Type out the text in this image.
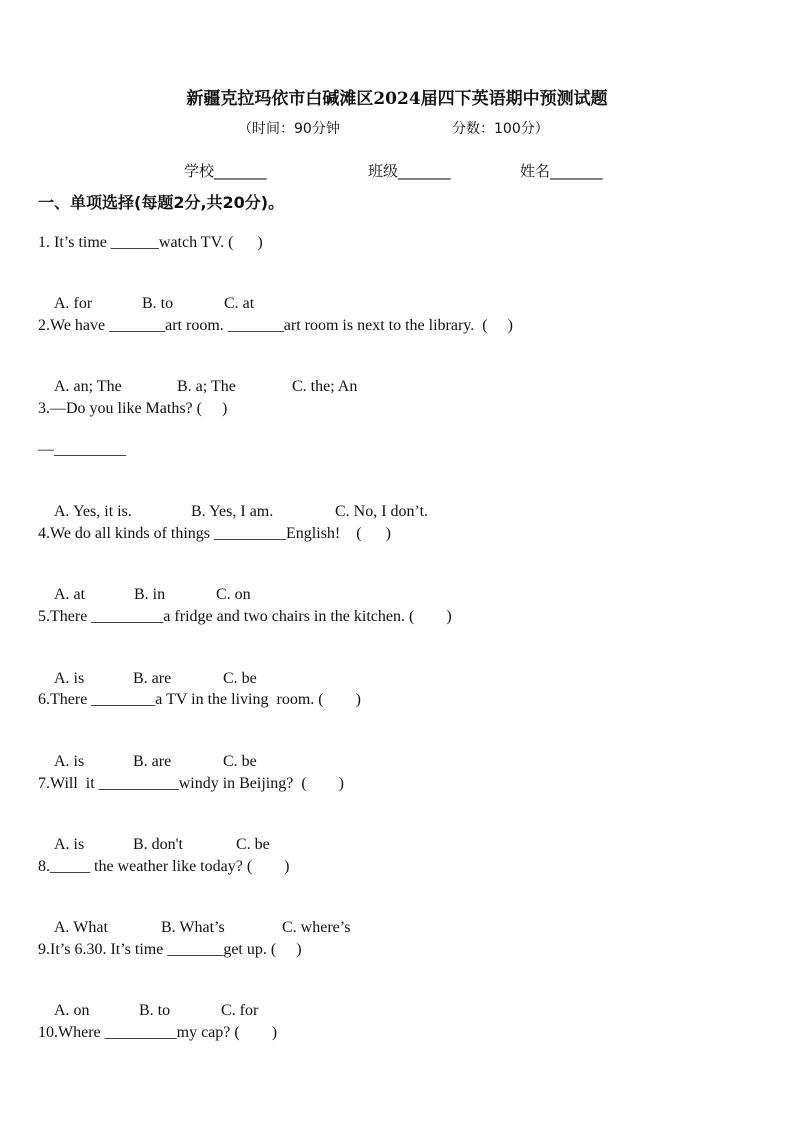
新疆克拉玛依市白碱滩区2024届四下英语期中预测试题
（时间：90分钟	分数：100分）
学校_______	班级_______	姓名_______
一、单项选择(每题2分,共20分)。
1. It’s time ______watch TV. (      )

A. for	B. to	C. at

2.We have _______art room. _______art room is next to the library.  (     )

A. an; The	B. a; The	C. the; An

3.—Do you like Maths? (     )
—_________

A. Yes, it is.	B. Yes, I am.	C. No, I don’t.

4.We do all kinds of things _________English!    (      )

A. at	B. in	C. on

5.There _________a fridge and two chairs in the kitchen. (        )

A. is	B. are	C. be

6.There ________a TV in the living  room. (        )

A. is	B. are	C. be

7.Will  it __________windy in Beijing?  (        )

A. is	B. don't	C. be

8._____ the weather like today? (        )

A. What	B. What’s	C. where’s

9.It’s 6.30. It’s time _______get up. (     )

A. on	B. to	C. for

10.Where _________my cap? (        )
